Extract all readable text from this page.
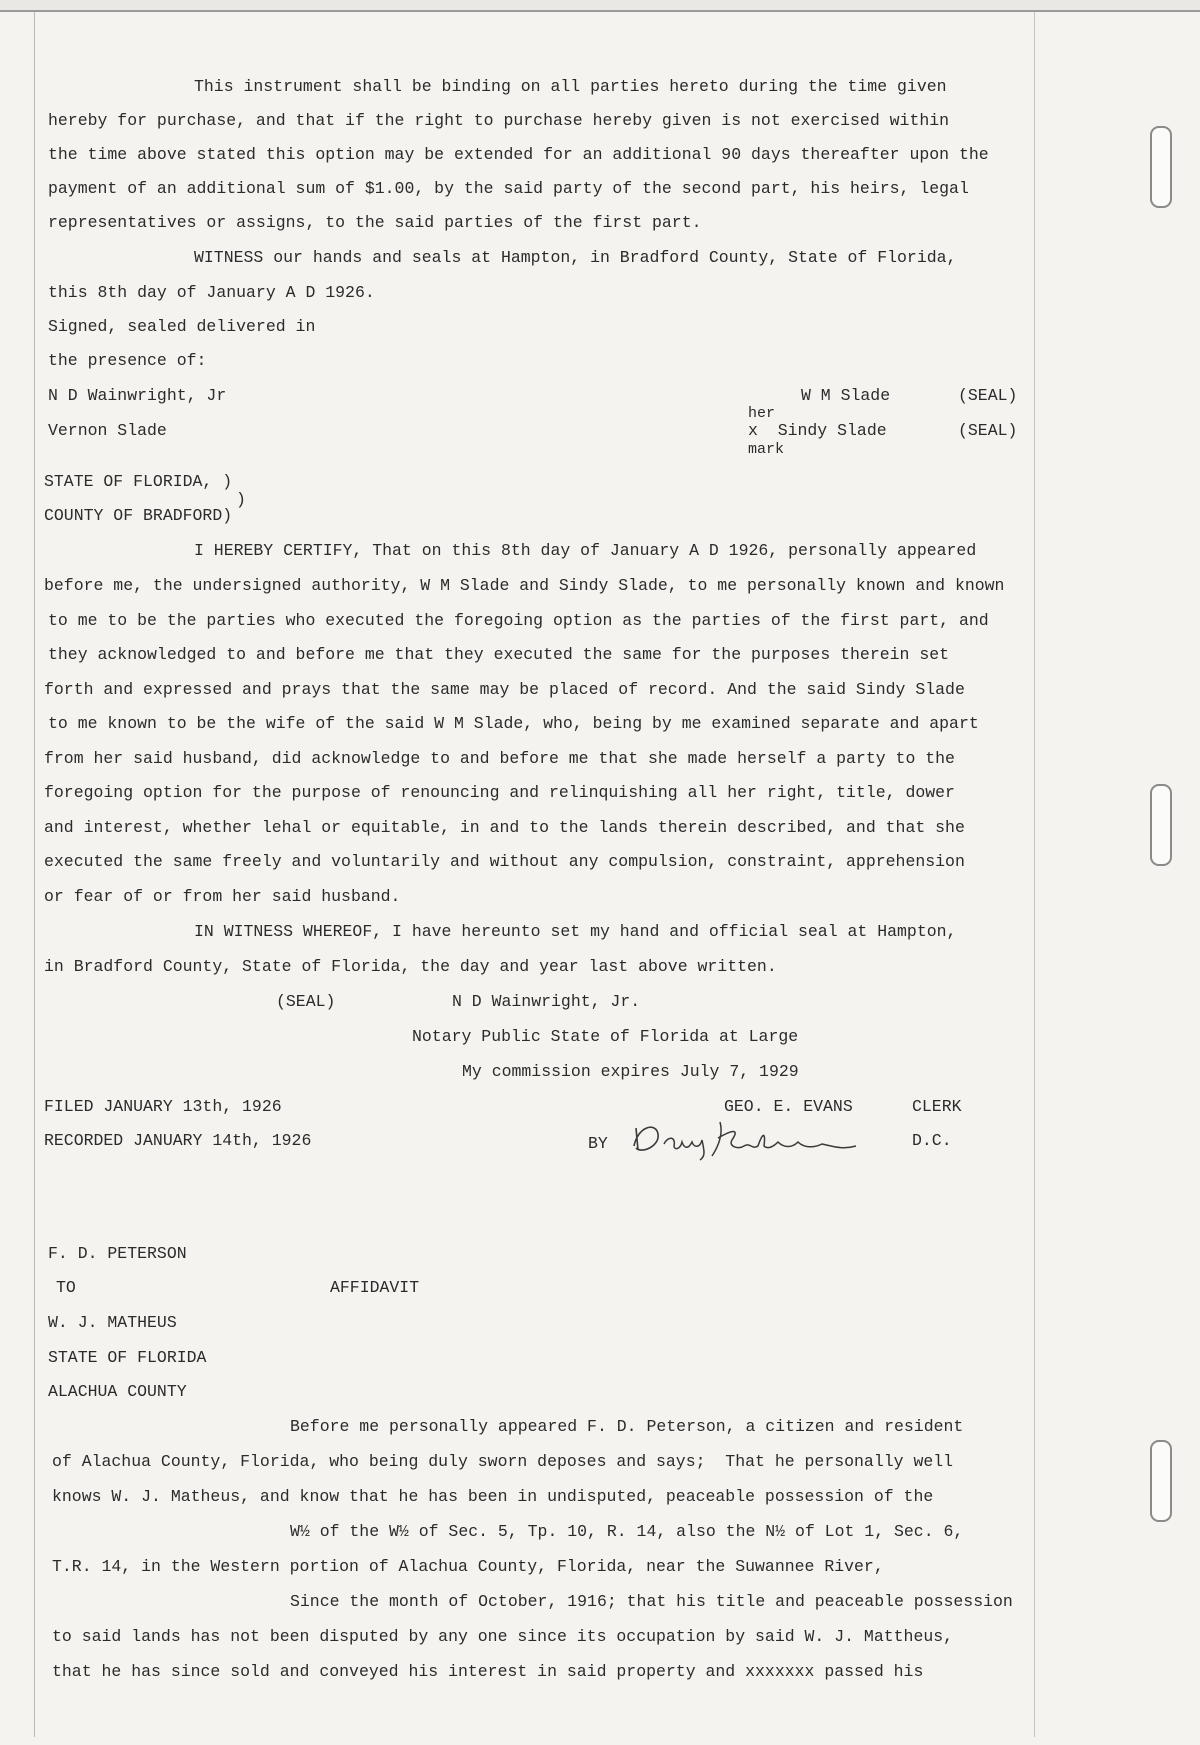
This instrument shall be binding on all parties hereto during the time given
hereby for purchase, and that if the right to purchase hereby given is not exercised within
the time above stated this option may be extended for an additional 90 days thereafter upon the
payment of an additional sum of $1.00, by the said party of the second part, his heirs, legal
representatives or assigns, to the said parties of the first part.
WITNESS our hands and seals at Hampton, in Bradford County, State of Florida,
this 8th day of January A D 1926.
Signed, sealed delivered in
the presence of:
N D Wainwright, Jr	W M Slade	(SEAL)
her
Vernon Slade	x  Sindy Slade	(SEAL)
mark
STATE OF FLORIDA, )
)
COUNTY OF BRADFORD)
I HEREBY CERTIFY, That on this 8th day of January A D 1926, personally appeared
before me, the undersigned authority, W M Slade and Sindy Slade, to me personally known and known
to me to be the parties who executed the foregoing option as the parties of the first part, and
they acknowledged to and before me that they executed the same for the purposes therein set
forth and expressed and prays that the same may be placed of record. And the said Sindy Slade
to me known to be the wife of the said W M Slade, who, being by me examined separate and apart
from her said husband, did acknowledge to and before me that she made herself a party to the
foregoing option for the purpose of renouncing and relinquishing all her right, title, dower
and interest, whether lehal or equitable, in and to the lands therein described, and that she
executed the same freely and voluntarily and without any compulsion, constraint, apprehension
or fear of or from her said husband.
IN WITNESS WHEREOF, I have hereunto set my hand and official seal at Hampton,
in Bradford County, State of Florida, the day and year last above written.
(SEAL)	N D Wainwright, Jr.
Notary Public State of Florida at Large
My commission expires July 7, 1929
FILED JANUARY 13th, 1926	GEO. E. EVANS	CLERK
RECORDED JANUARY 14th, 1926	BY	D.C.
F. D. PETERSON
TO	AFFIDAVIT
W. J. MATHEUS
STATE OF FLORIDA
ALACHUA COUNTY
Before me personally appeared F. D. Peterson, a citizen and resident
of Alachua County, Florida, who being duly sworn deposes and says;  That he personally well
knows W. J. Matheus, and know that he has been in undisputed, peaceable possession of the
W½ of the W½ of Sec. 5, Tp. 10, R. 14, also the N½ of Lot 1, Sec. 6,
T.R. 14, in the Western portion of Alachua County, Florida, near the Suwannee River,
Since the month of October, 1916; that his title and peaceable possession
to said lands has not been disputed by any one since its occupation by said W. J. Mattheus,
that he has since sold and conveyed his interest in said property and xxxxxxx passed his
